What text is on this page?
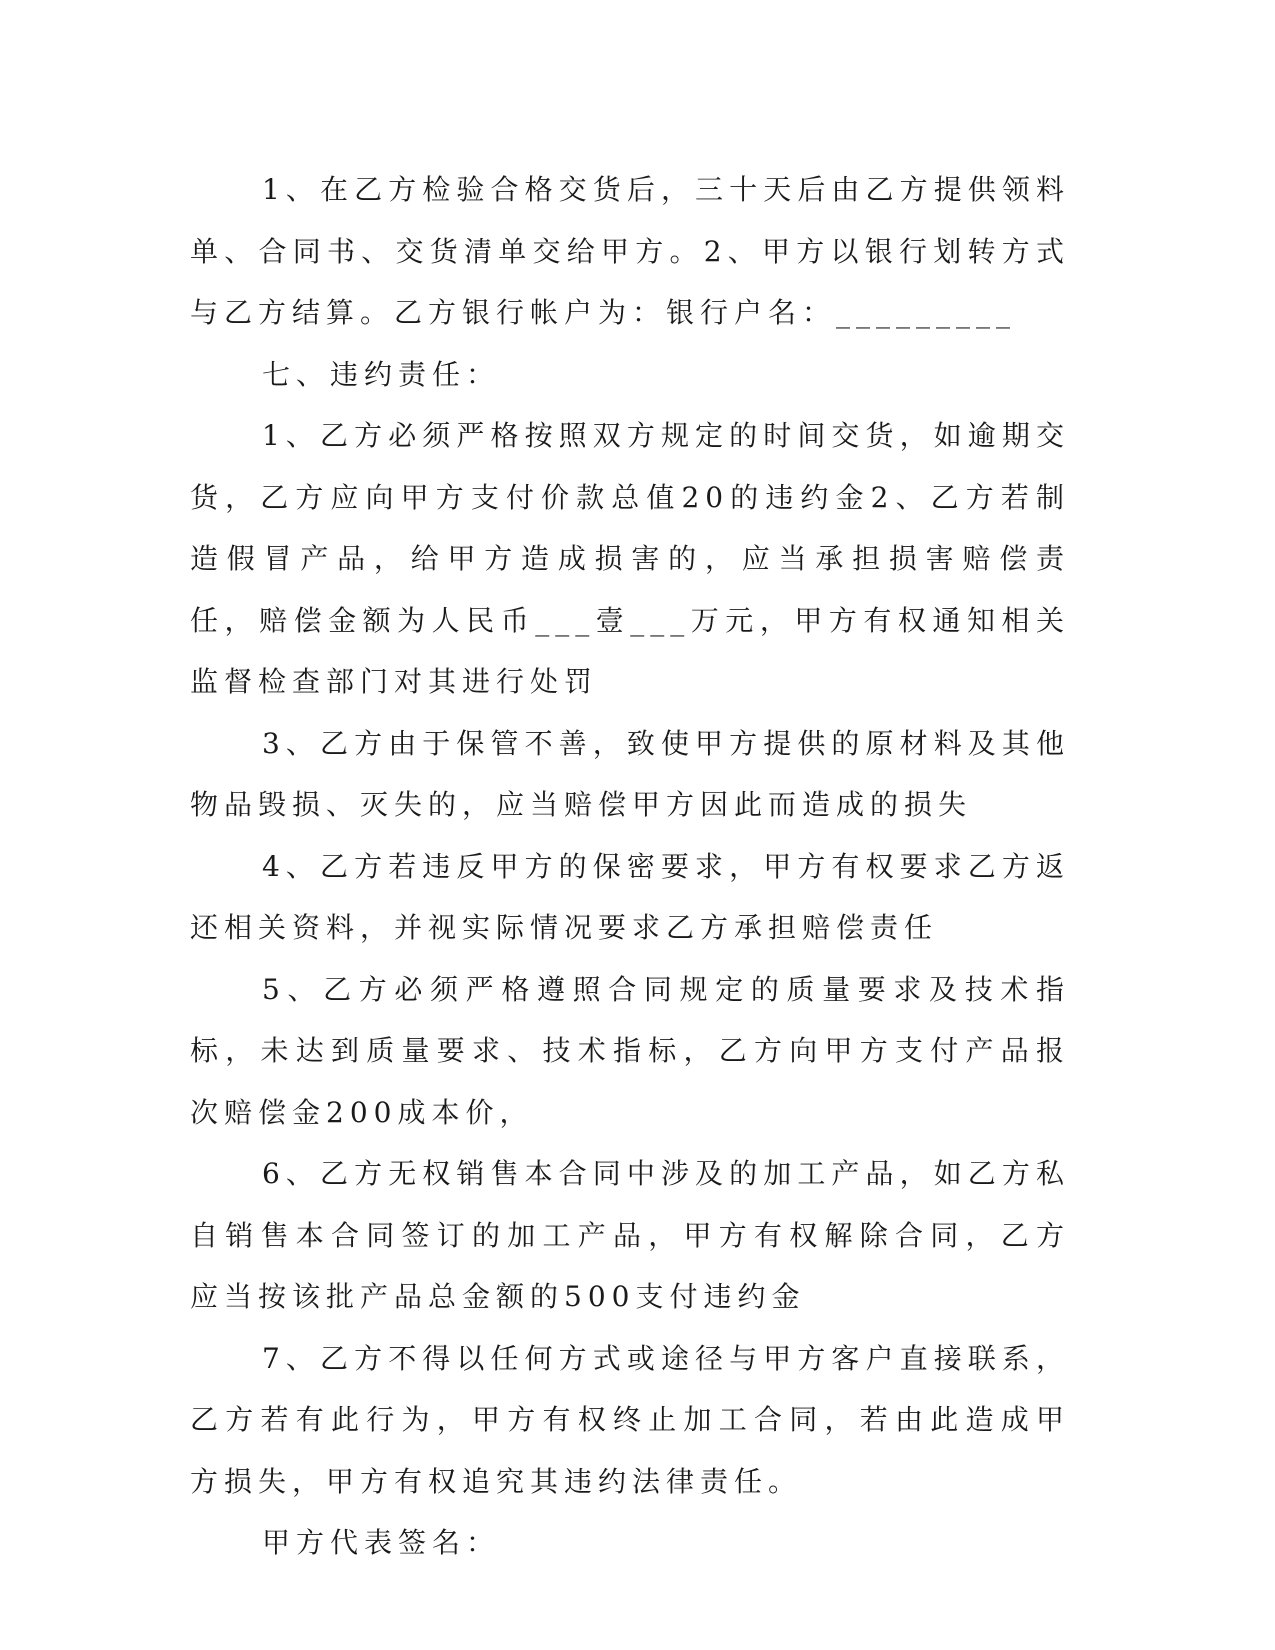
1、在乙方检验合格交货后，三十天后由乙方提供领料单、合同书、交货清单交给甲方。2、甲方以银行划转方式与乙方结算。乙方银行帐户为：银行户名：_________

七、违约责任：

1、乙方必须严格按照双方规定的时间交货，如逾期交货，乙方应向甲方支付价款总值20的违约金2、乙方若制造假冒产品，给甲方造成损害的，应当承担损害赔偿责任，赔偿金额为人民币___壹___万元，甲方有权通知相关监督检查部门对其进行处罚

3、乙方由于保管不善，致使甲方提供的原材料及其他物品毁损、灭失的，应当赔偿甲方因此而造成的损失

4、乙方若违反甲方的保密要求，甲方有权要求乙方返还相关资料，并视实际情况要求乙方承担赔偿责任

5、乙方必须严格遵照合同规定的质量要求及技术指标，未达到质量要求、技术指标，乙方向甲方支付产品报次赔偿金200成本价，

6、乙方无权销售本合同中涉及的加工产品，如乙方私自销售本合同签订的加工产品，甲方有权解除合同，乙方应当按该批产品总金额的500支付违约金

7、乙方不得以任何方式或途径与甲方客户直接联系，乙方若有此行为，甲方有权终止加工合同，若由此造成甲方损失，甲方有权追究其违约法律责任。

甲方代表签名：
